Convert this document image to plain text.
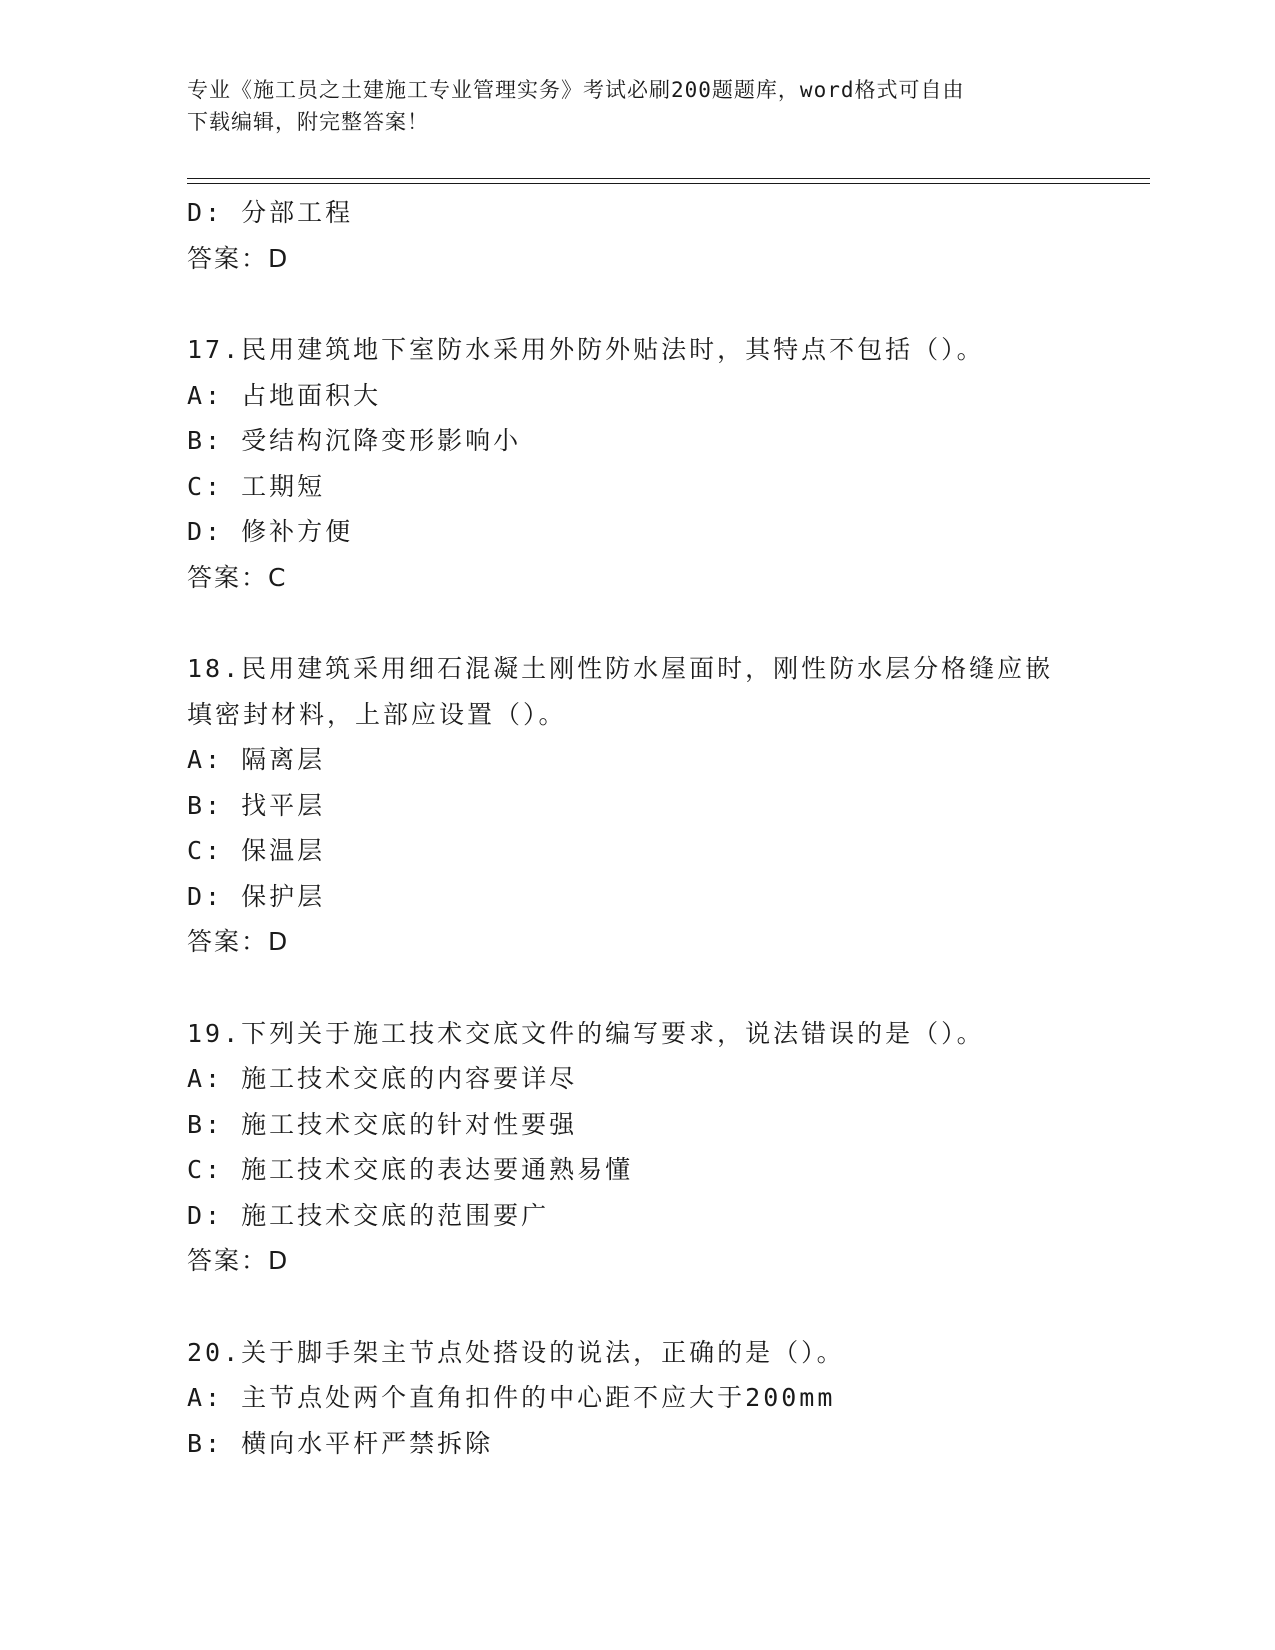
专业《施工员之土建施工专业管理实务》考试必刷200题题库，word格式可自由
下载编辑，附完整答案！
D: 分部工程
答案：D
17.民用建筑地下室防水采用外防外贴法时，其特点不包括（）。
A: 占地面积大
B: 受结构沉降变形影响小
C: 工期短
D: 修补方便
答案：C
18.民用建筑采用细石混凝土刚性防水屋面时，刚性防水层分格缝应嵌
填密封材料，上部应设置（）。
A: 隔离层
B: 找平层
C: 保温层
D: 保护层
答案：D
19.下列关于施工技术交底文件的编写要求，说法错误的是（）。
A: 施工技术交底的内容要详尽
B: 施工技术交底的针对性要强
C: 施工技术交底的表达要通熟易懂
D: 施工技术交底的范围要广
答案：D
20.关于脚手架主节点处搭设的说法，正确的是（）。
A: 主节点处两个直角扣件的中心距不应大于200mm
B: 横向水平杆严禁拆除
